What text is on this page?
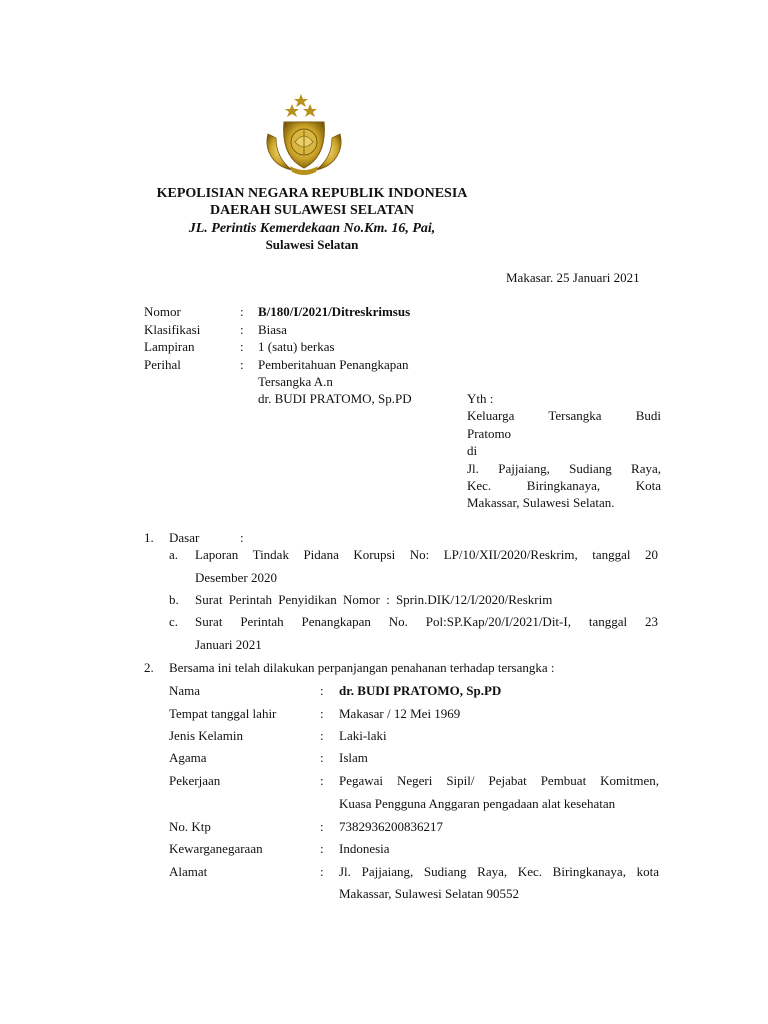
KEPOLISIAN NEGARA REPUBLIK INDONESIA
DAERAH SULAWESI SELATAN
JL. Perintis Kemerdekaan No.Km. 16, Pai,
Sulawesi Selatan
Makasar. 25 Januari 2021
Nomor	: B/180/I/2021/Ditreskrimsus
Klasifikasi	: Biasa
Lampiran	: 1 (satu) berkas
Perihal	: Pemberitahuan Penangkapan
Tersangka A.n
dr. BUDI PRATOMO, Sp.PD	Yth :
Keluarga Tersangka Budi
Pratomo
di
Jl. Pajjaiang, Sudiang Raya,
Kec. Biringkanaya, Kota
Makassar, Sulawesi Selatan.
1. Dasar	:
a. Laporan Tindak Pidana Korupsi No: LP/10/XII/2020/Reskrim, tanggal 20
Desember 2020
b. Surat Perintah Penyidikan Nomor : Sprin.DIK/12/I/2020/Reskrim
c. Surat Perintah Penangkapan No. Pol:SP.Kap/20/I/2021/Dit-I, tanggal 23
Januari 2021
2. Bersama ini telah dilakukan perpanjangan penahanan terhadap tersangka :
Nama	: dr. BUDI PRATOMO, Sp.PD
Tempat tanggal lahir	: Makasar / 12 Mei 1969
Jenis Kelamin	: Laki-laki
Agama	: Islam
Pekerjaan	: Pegawai Negeri Sipil/ Pejabat Pembuat Komitmen,
Kuasa Pengguna Anggaran pengadaan alat kesehatan
No. Ktp	: 7382936200836217
Kewarganegaraan	: Indonesia
Alamat	: Jl. Pajjaiang, Sudiang Raya, Kec. Biringkanaya, kota
Makassar, Sulawesi Selatan 90552
